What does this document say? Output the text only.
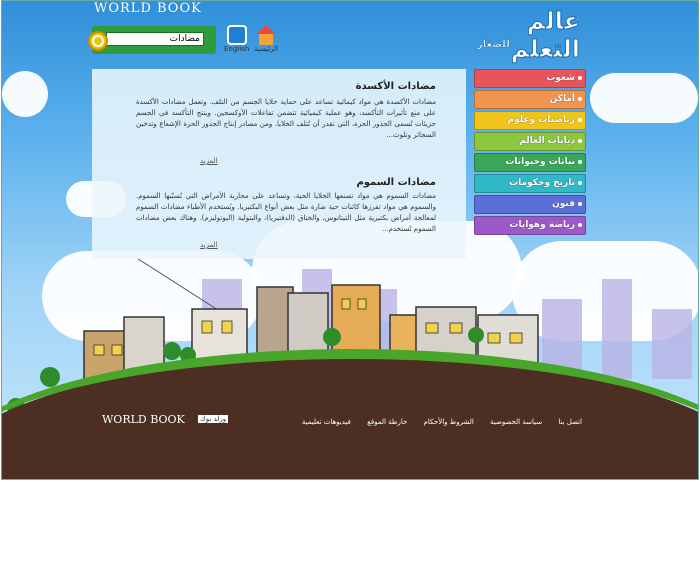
WORLD BOOK
مضادات
English الرئيسية
عالم التعلم
للصغار
مضادات الأكسدة
مضادات الأكسدة هي مواد كيمائية تساعد على حماية خلايا الجسم من التلف. وتعمل مضادات الأكسدة على منع تأثيرات التأكسد، وهو عملية كيميائية تتضمن تفاعلات الأوكسجين. وينتج التأكسد في الجسم جزيئات تُسمى الجذور الحرة، التي تقدر أن تُتلف الخلايا. ومن مصادر إنتاج الجذور الحرة الإشعاع وتدخين السجائر وتلوث...
المزيد
مضادات السموم
مضادات السموم هي مواد تصنعها الخلايا الحية، وتساعد على محاربة الأمراض التي تُسبّبها السموم. والسموم هي مواد تفرزها كائنات حية ضارة مثل بعض أنواع البكتيريا. ويُستخدم الأطباء مضادات السموم لمعالجة أمراض بكتيرية مثل التيتانوس، والخناق (الدفتيريا)، والبتولية (البوتوليزم). وهناك بعض مضادات السموم تُستخدم...
المزيد
شعوب
أماكن
رياضيات وعلوم
ديانات العالم
نباتات وحيوانات
تاريخ وحكومات
فنون
رياضة وهوايات
WORLD BOOK ورلد بوك	اتصل بنا سياسة الخصوصية الشروط والأحكام خارطة الموقع فيديوهات تعليمية
